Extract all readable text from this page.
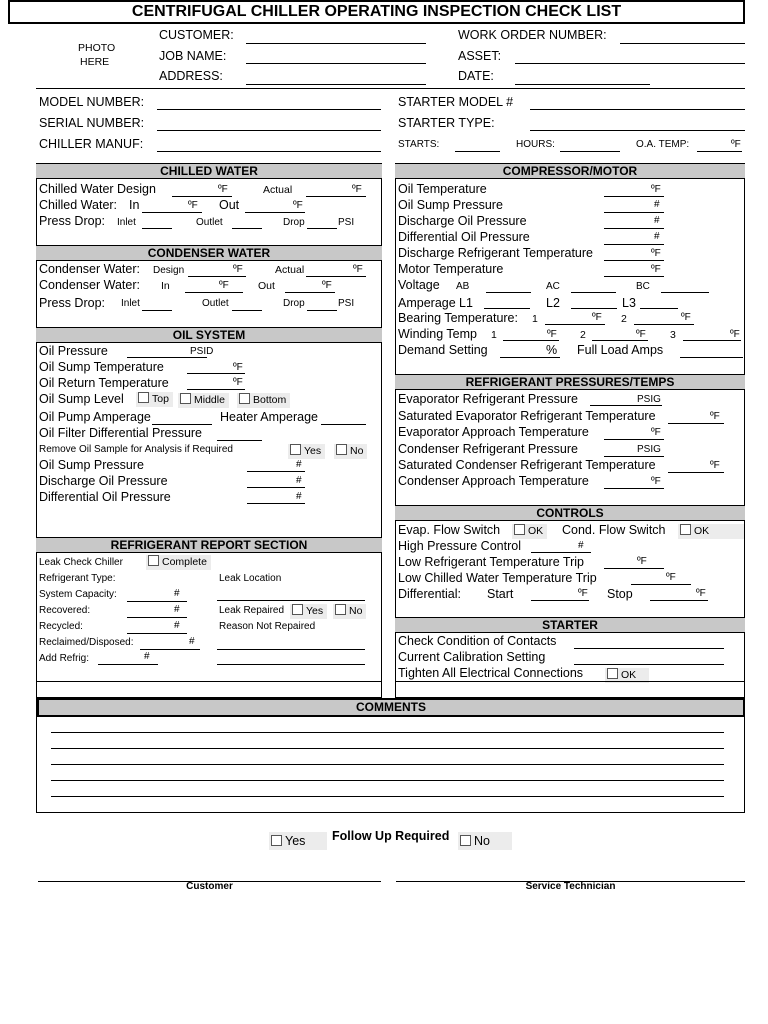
CENTRIFUGAL CHILLER OPERATING INSPECTION CHECK LIST
PHOTO
HERE
CUSTOMER:
JOB NAME:
ADDRESS:
WORK ORDER NUMBER:
ASSET:
DATE:
MODEL NUMBER:
SERIAL NUMBER:
CHILLER MANUF:
STARTER MODEL #
STARTER TYPE:
STARTS:	HOURS:	O.A. TEMP:	ºF
CHILLED WATER
Chilled Water Design	ºF	Actual	ºF
Chilled Water: In	ºF Out	ºF
Press Drop: Inlet	Outlet	Drop	PSI
CONDENSER WATER
Condenser Water: Design	ºF	Actual	ºF
Condenser Water: In	ºF	Out	ºF
Press Drop: Inlet	Outlet	Drop	PSI
OIL SYSTEM
Oil Pressure	PSID
Oil Sump Temperature	ºF
Oil Return Temperature	ºF
Oil Sump Level	Top	Middle	Bottom
Oil Pump Amperage	Heater Amperage
Oil Filter Differential Pressure
Remove Oil Sample for Analysis if Required	Yes	No
Oil Sump Pressure	#
Discharge Oil Pressure	#
Differential Oil Pressure	#
REFRIGERANT REPORT SECTION
Leak Check Chiller	Complete
Refrigerant Type:	Leak Location
System Capacity:	#
Recovered:	#	Leak Repaired	Yes	No
Recycled:	#	Reason Not Repaired
Reclaimed/Disposed:	#
Add Refrig:	#
COMPRESSOR/MOTOR
Oil Temperature	ºF
Oil Sump Pressure	#
Discharge Oil Pressure	#
Differential Oil Pressure	#
Discharge Refrigerant Temperature	ºF
Motor Temperature	ºF
Voltage AB	AC	BC
Amperage L1	L2	L3
Bearing Temperature: 1	ºF 2	ºF
Winding Temp 1	ºF 2	ºF 3	ºF
Demand Setting	% Full Load Amps
REFRIGERANT PRESSURES/TEMPS
Evaporator Refrigerant Pressure	PSIG
Saturated Evaporator Refrigerant Temperature	ºF
Evaporator Approach Temperature	ºF
Condenser Refrigerant Pressure	PSIG
Saturated Condenser Refrigerant Temperature	ºF
Condenser Approach Temperature	ºF
CONTROLS
Evap. Flow Switch	OK	Cond. Flow Switch	OK
High Pressure Control	#
Low Refrigerant Temperature Trip	ºF
Low Chilled Water Temperature Trip	ºF
Differential: Start	ºF Stop	ºF
STARTER
Check Condition of Contacts
Current Calibration Setting
Tighten All Electrical Connections	OK
COMMENTS
Yes	Follow Up Required	No
Customer	Service Technician
